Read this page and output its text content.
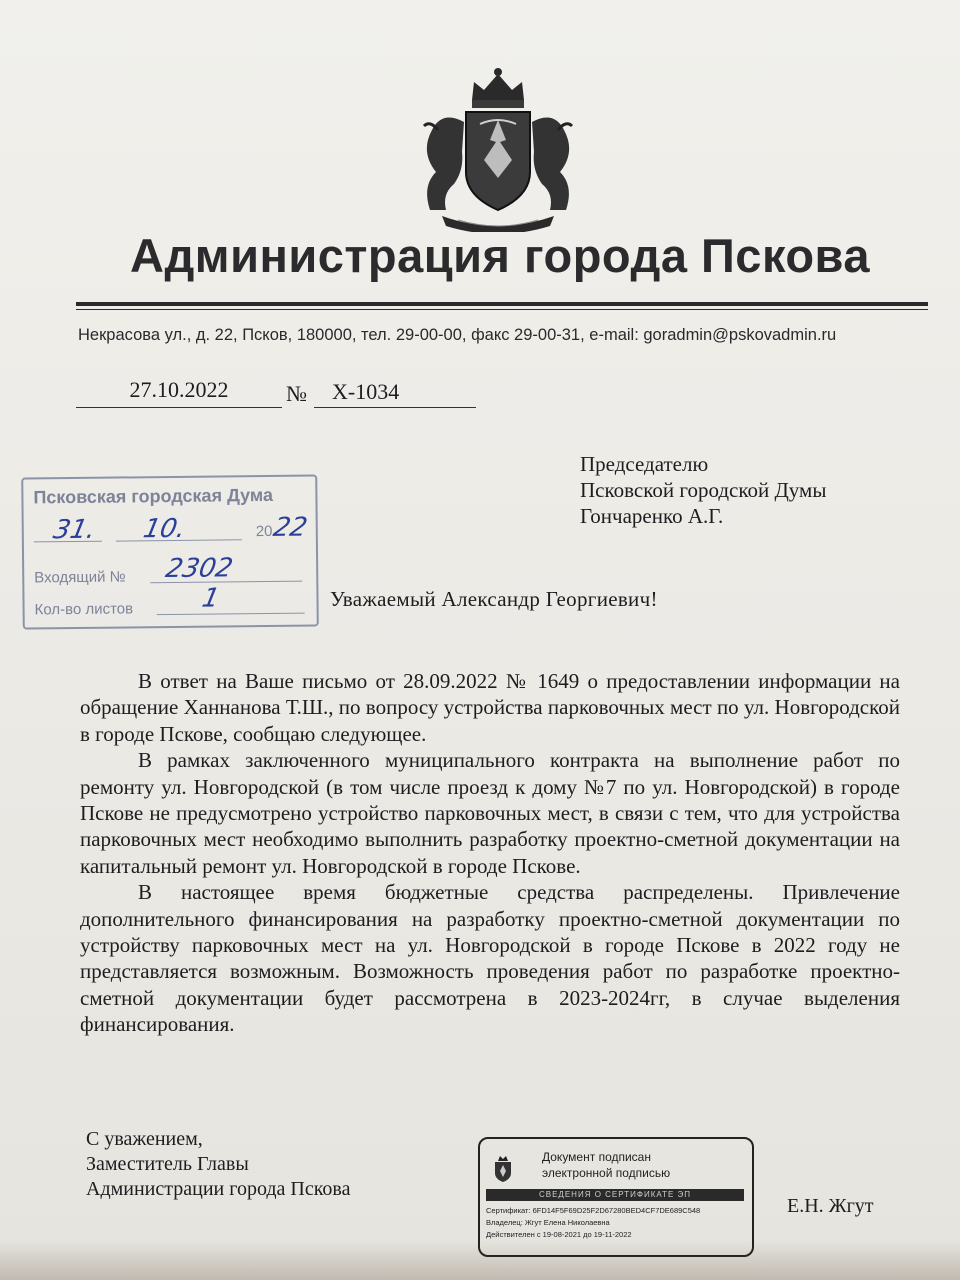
Администрация города Пскова
Некрасова ул., д. 22, Псков, 180000, тел. 29-00-00, факс 29-00-31, e-mail: goradmin@pskovadmin.ru
27.10.2022	№	Х-1034
Председателю
Псковской городской Думы
Гончаренко А.Г.
Псковская городская Дума
20
31. 10.	22
Входящий № 2302
Кол-во листов	1	Уважаемый Александр Георгиевич!

В ответ на Ваше письмо от 28.09.2022 № 1649 о предоставлении информации на обращение Ханнанова Т.Ш., по вопросу устройства парковочных мест по ул. Новгородской в городе Пскове, сообщаю следующее.

В рамках заключенного муниципального контракта на выполнение работ по ремонту ул. Новгородской (в том числе проезд к дому №7 по ул. Новгородской) в городе Пскове не предусмотрено устройство парковочных мест, в связи с тем, что для устройства парковочных мест необходимо выполнить разработку проектно-сметной документации на капитальный ремонт ул. Новгородской в городе Пскове.

В настоящее время бюджетные средства распределены. Привлечение дополнительного финансирования на разработку проектно-сметной документации по устройству парковочных мест на ул. Новгородской в городе Пскове в 2022 году не представляется возможным. Возможность проведения работ по разработке проектно-сметной документации будет рассмотрена в 2023-2024гг, в случае выделения финансирования.

С уважением,
Заместитель Главы
Администрации города Пскова
Документ подписан
электронной подписью
СВЕДЕНИЯ О СЕРТИФИКАТЕ ЭП
Сертификат: 6FD14F5F69D25F2D67280BED4CF7DE689C548
Владелец: Жгут Елена Николаевна
Действителен с 19-08-2021 до 19-11-2022
Е.Н. Жгут
